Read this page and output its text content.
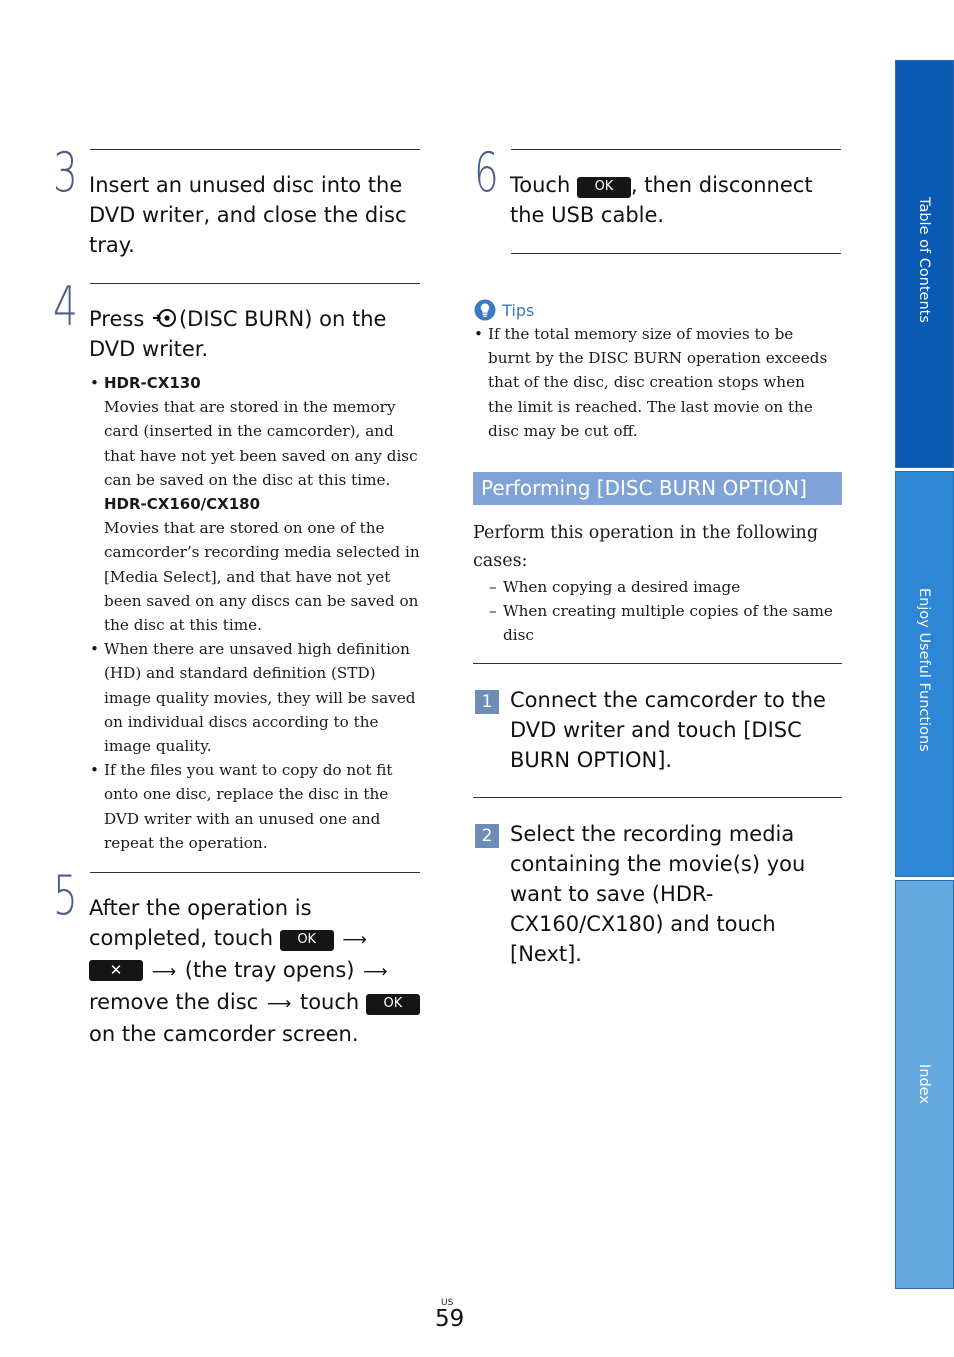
3 Insert an unused disc into the DVD writer, and close the disc tray.
4 Press (DISC BURN) on the DVD writer.
• HDR-CX130
Movies that are stored in the memory card (inserted in the camcorder), and that have not yet been saved on any disc can be saved on the disc at this time.
HDR-CX160/CX180
Movies that are stored on one of the camcorder’s recording media selected in [Media Select], and that have not yet been saved on any discs can be saved on the disc at this time.
• When there are unsaved high definition (HD) and standard definition (STD) image quality movies, they will be saved on individual discs according to the image quality.
• If the files you want to copy do not fit onto one disc, replace the disc in the DVD writer with an unused one and repeat the operation.
5 After the operation is completed, touch OK ⟶ ✕ ⟶ (the tray opens) ⟶ remove the disc ⟶ touch OK on the camcorder screen.
6 Touch OK , then disconnect the USB cable.
Tips
• If the total memory size of movies to be burnt by the DISC BURN operation exceeds that of the disc, disc creation stops when the limit is reached. The last movie on the disc may be cut off.
Performing [DISC BURN OPTION]
Perform this operation in the following cases:
– When copying a desired image
– When creating multiple copies of the same disc
1 Connect the camcorder to the DVD writer and touch [DISC BURN OPTION].
2 Select the recording media containing the movie(s) you want to save (HDR-CX160/CX180) and touch [Next].
Table of Contents
Enjoy Useful Functions
Index
US
59
